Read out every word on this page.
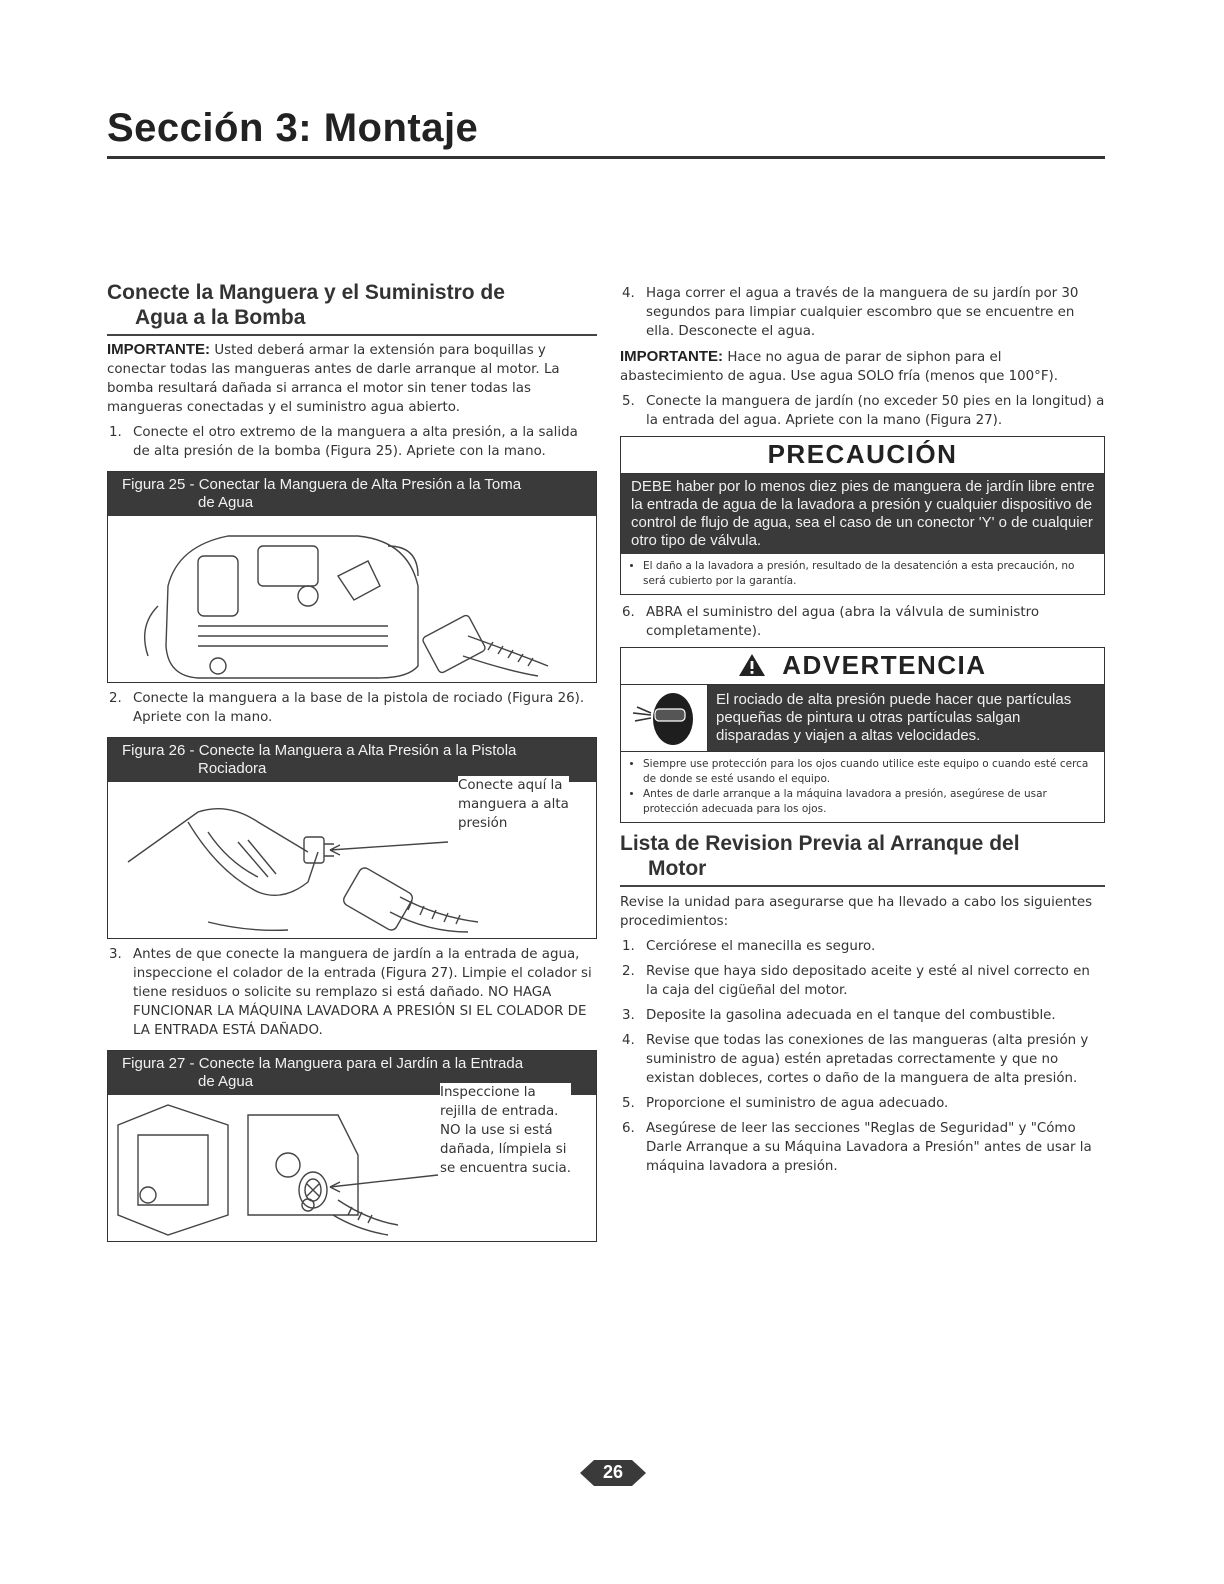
Sección 3: Montaje
Conecte la Manguera y el Suministro de
Agua a la Bomba

IMPORTANTE: Usted deberá armar la extensión para boquillas y conectar todas las mangueras antes de darle arranque al motor. La bomba resultará dañada si arranca el motor sin tener todas las mangueras conectadas y el suministro agua abierto.

1. Conecte el otro extremo de la manguera a alta presión, a la salida de alta presión de la bomba (Figura 25). Apriete con la mano.
Figura 25 - Conectar la Manguera de Alta Presión a la Toma
de Agua
2. Conecte la manguera a la base de la pistola de rociado (Figura 26). Apriete con la mano.
Figura 26 - Conecte la Manguera a Alta Presión a la Pistola
Rociadora
Conecte aquí la
manguera a alta
presión
3. Antes de que conecte la manguera de jardín a la entrada de agua, inspeccione el colador de la entrada (Figura 27). Limpie el colador si tiene residuos o solicite su remplazo si está dañado. NO HAGA FUNCIONAR LA MÁQUINA LAVADORA A PRESIÓN SI EL COLADOR DE LA ENTRADA ESTÁ DAÑADO.
Figura 27 - Conecte la Manguera para el Jardín a la Entrada
de Agua
Inspeccione la
rejilla de entrada.
NO la use si está
dañada, límpiela si
se encuentra sucia.
4. Haga correr el agua a través de la manguera de su jardín por 30 segundos para limpiar cualquier escombro que se encuentre en ella. Desconecte el agua.

IMPORTANTE: Hace no agua de parar de siphon para el abastecimiento de agua. Use agua SOLO fría (menos que 100°F).

5. Conecte la manguera de jardín (no exceder 50 pies en la longitud) a la entrada del agua. Apriete con la mano (Figura 27).
PRECAUCIÓN
DEBE haber por lo menos diez pies de manguera de jardín libre entre la entrada de agua de la lavadora a presión y cualquier dispositivo de control de flujo de agua, sea el caso de un conector 'Y' o de cualquier otro tipo de válvula.
• El daño a la lavadora a presión, resultado de la desatención a esta precaución, no será cubierto por la garantía.
6. ABRA el suministro del agua (abra la válvula de suministro completamente).
ADVERTENCIA
El rociado de alta presión puede hacer que partículas pequeñas de pintura u otras partículas salgan disparadas y viajen a altas velocidades.
• Siempre use protección para los ojos cuando utilice este equipo o cuando esté cerca de donde se esté usando el equipo.
• Antes de darle arranque a la máquina lavadora a presión, asegúrese de usar protección adecuada para los ojos.
Lista de Revision Previa al Arranque del
Motor

Revise la unidad para asegurarse que ha llevado a cabo los siguientes procedimientos:

1. Cerciórese el manecilla es seguro.
2. Revise que haya sido depositado aceite y esté al nivel correcto en la caja del cigüeñal del motor.
3. Deposite la gasolina adecuada en el tanque del combustible.
4. Revise que todas las conexiones de las mangueras (alta presión y suministro de agua) estén apretadas correctamente y que no existan dobleces, cortes o daño de la manguera de alta presión.
5. Proporcione el suministro de agua adecuado.
6. Asegúrese de leer las secciones "Reglas de Seguridad" y "Cómo Darle Arranque a su Máquina Lavadora a Presión" antes de usar la máquina lavadora a presión.
26
